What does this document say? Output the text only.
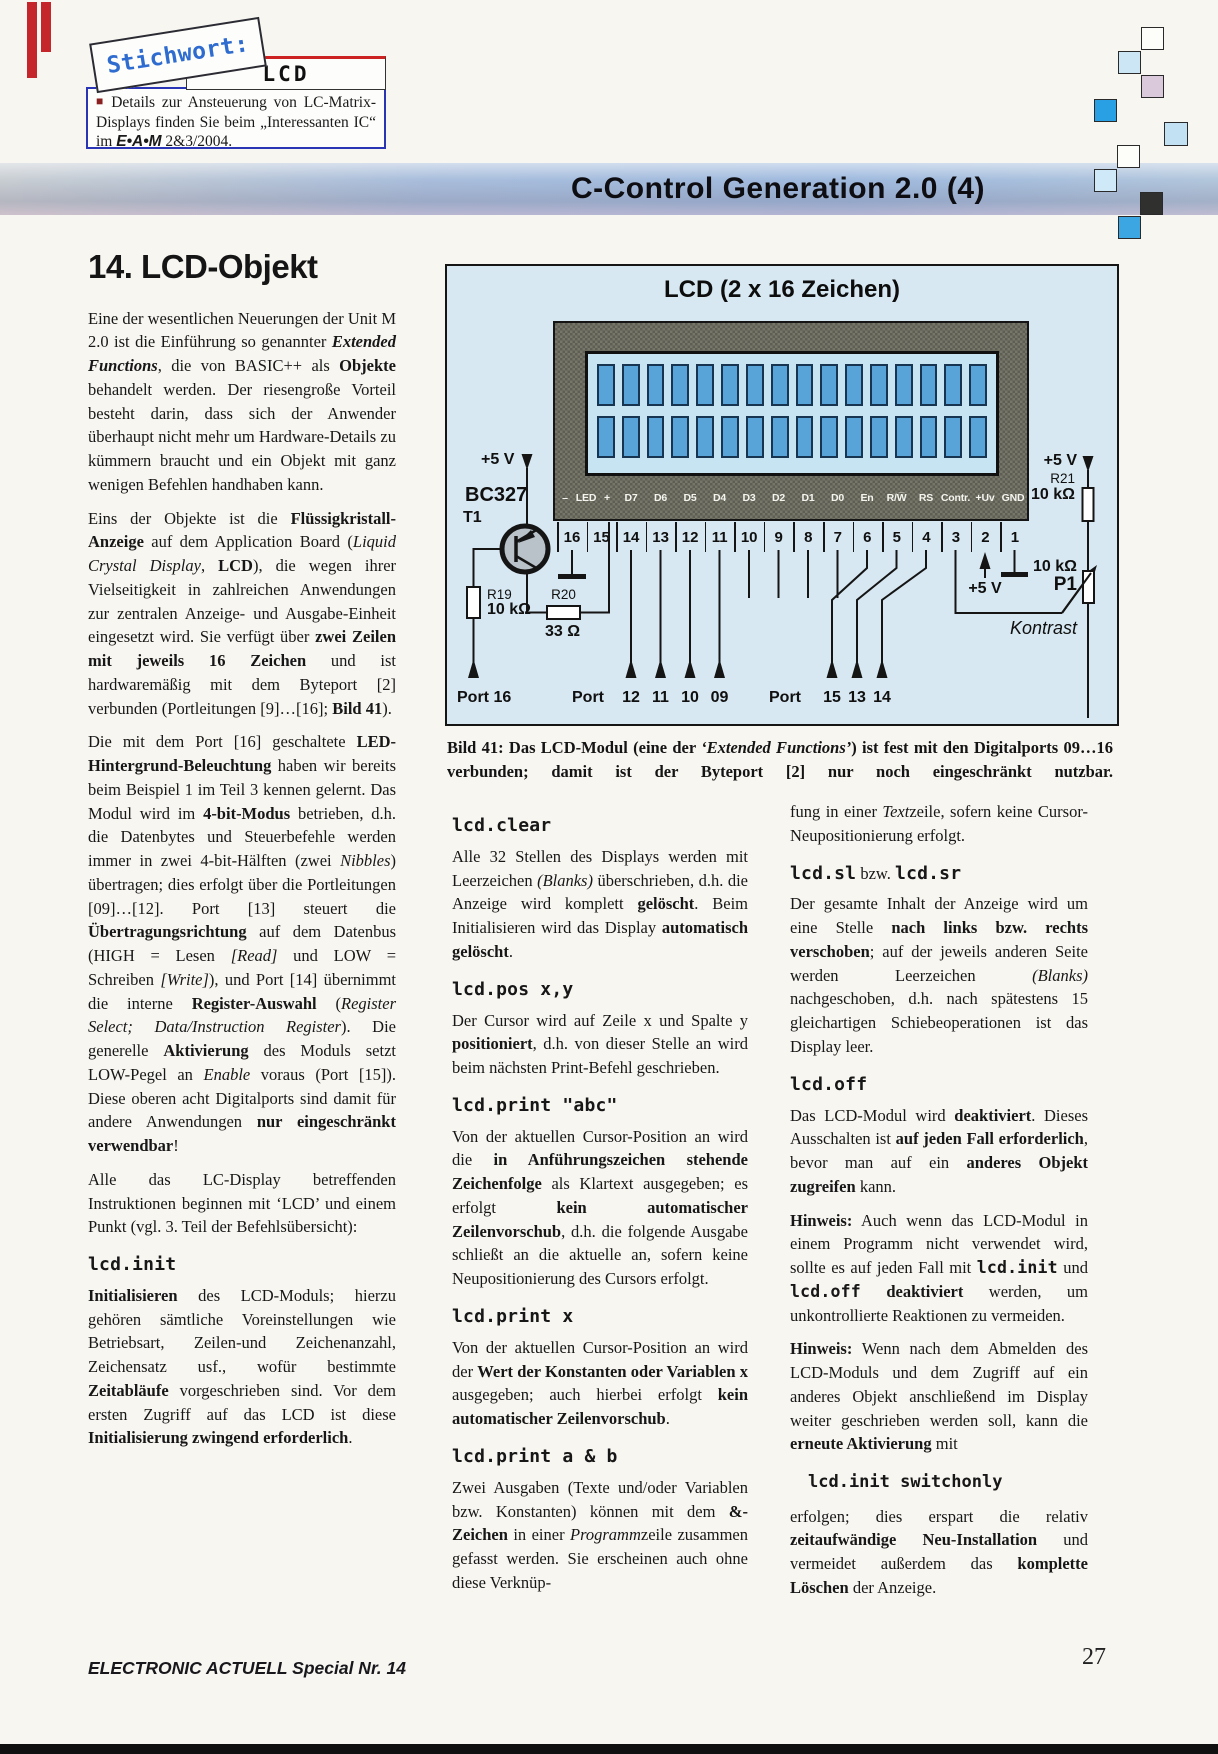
Stichwort: LCD
■ Details zur Ansteuerung von LC-Matrix-Displays finden Sie beim „Interessanten IC“ im E•A•M 2&3/2004.
C-Control Generation 2.0 (4)
14. LCD-Objekt

Eine der wesentlichen Neuerungen der Unit M 2.0 ist die Einführung so genannter Extended Functions, die von BASIC++ als Objekte behandelt werden. Der riesengroße Vorteil besteht darin, dass sich der Anwender überhaupt nicht mehr um Hardware-Details zu kümmern braucht und ein Objekt mit ganz wenigen Befehlen handhaben kann.

Eins der Objekte ist die Flüssigkristall-Anzeige auf dem Application Board (Liquid Crystal Display, LCD), die wegen ihrer Vielseitigkeit in zahlreichen Anwendungen zur zentralen Anzeige- und Ausgabe-Einheit eingesetzt wird. Sie verfügt über zwei Zeilen mit jeweils 16 Zeichen und ist hardwaremäßig mit dem Byteport [2] verbunden (Portleitungen [9]…[16]; Bild 41).

Die mit dem Port [16] geschaltete LED-Hintergrund-Beleuchtung haben wir bereits beim Beispiel 1 im Teil 3 kennen gelernt. Das Modul wird im 4-bit-Modus betrieben, d.h. die Datenbytes und Steuerbefehle werden immer in zwei 4-bit-Hälften (zwei Nibbles) übertragen; dies erfolgt über die Portleitungen [09]…[12]. Port [13] steuert die Übertragungsrichtung auf dem Datenbus (HIGH = Lesen [Read] und LOW = Schreiben [Write]), und Port [14] übernimmt die interne Register-Auswahl (Register Select; Data/Instruction Register). Die generelle Aktivierung des Moduls setzt LOW-Pegel an Enable voraus (Port [15]). Diese oberen acht Digitalports sind damit für andere Anwendungen nur eingeschränkt verwendbar!

Alle das LC-Display betreffenden Instruktionen beginnen mit ‘LCD’ und einem Punkt (vgl. 3. Teil der Befehlsübersicht):

lcd.init

Initialisieren des LCD-Moduls; hierzu gehören sämtliche Voreinstellungen wie Betriebsart, Zeilen-und Zeichenanzahl, Zeichensatz usf., wofür bestimmte Zeitabläufe vorgeschrieben sind. Vor dem ersten Zugriff auf das LCD ist diese Initialisierung zwingend erforderlich.

lcd.clear

Alle 32 Stellen des Displays werden mit Leerzeichen (Blanks) überschrieben, d.h. die Anzeige wird komplett gelöscht. Beim Initialisieren wird das Display automatisch gelöscht.

lcd.pos x,y

Der Cursor wird auf Zeile x und Spalte y positioniert, d.h. von dieser Stelle an wird beim nächsten Print-Befehl geschrieben.

lcd.print "abc"

Von der aktuellen Cursor-Position an wird die in Anführungszeichen stehende Zeichenfolge als Klartext ausgegeben; es erfolgt kein automatischer Zeilenvorschub, d.h. die folgende Ausgabe schließt an die aktuelle an, sofern keine Neupositionierung des Cursors erfolgt.

lcd.print x

Von der aktuellen Cursor-Position an wird der Wert der Konstanten oder Variablen x ausgegeben; auch hierbei erfolgt kein automatischer Zeilenvorschub.

lcd.print a & b

Zwei Ausgaben (Texte und/oder Variablen bzw. Konstanten) können mit dem &-Zeichen in einer Programmzeile zusammen gefasst werden. Sie erscheinen auch ohne diese Verknüp-

fung in einer Textzeile, sofern keine Cursor-Neupositionierung erfolgt.

lcd.sl bzw. lcd.sr

Der gesamte Inhalt der Anzeige wird um eine Stelle nach links bzw. rechts verschoben; auf der jeweils anderen Seite werden Leerzeichen (Blanks) nachgeschoben, d.h. nach spätestens 15 gleichartigen Schiebeoperationen ist das Display leer.

lcd.off

Das LCD-Modul wird deaktiviert. Dieses Ausschalten ist auf jeden Fall erforderlich, bevor man auf ein anderes Objekt zugreifen kann.

Hinweis: Auch wenn das LCD-Modul in einem Programm nicht verwendet wird, sollte es auf jeden Fall mit lcd.init und lcd.off deaktiviert werden, um unkontrollierte Reaktionen zu vermeiden.

Hinweis: Wenn nach dem Abmelden des LCD-Moduls und dem Zugriff auf ein anderes Objekt anschließend im Display weiter geschrieben werden soll, kann die erneute Aktivierung mit

lcd.init switchonly

erfolgen; dies erspart die relativ zeitaufwändige Neu-Installation und vermeidet außerdem das komplette Löschen der Anzeige.

LCD (2 x 16 Zeichen)
– LED + D7 D6 D5 D4 D3 D2 D1 D0 En R/W̅ RS Contr. +Uv GND
16 15 14 13 12 11 10 9 8 7 6 5 4 3 2 1
Port 16	Port 12 11 10 09	Port 15 13 14
+5 V
BC327
T1
R19
10 kΩ
R20
33 Ω
R21
10 kΩ
+5 V
+5 V
10 kΩ
P1
Kontrast
Bild 41: Das LCD-Modul (eine der ‘Extended Functions’) ist fest mit den Digitalports 09…16 verbunden; damit ist der Byteport [2] nur noch eingeschränkt nutzbar.
ELECTRONIC ACTUELL Special Nr. 14	27
